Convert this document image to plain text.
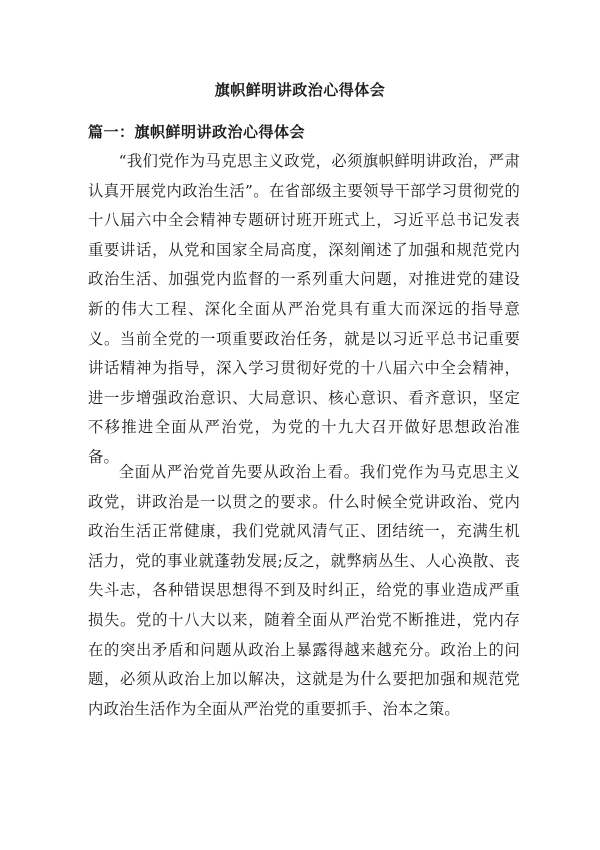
旗帜鲜明讲政治心得体会
篇一：旗帜鲜明讲政治心得体会

“我们党作为马克思主义政党，必须旗帜鲜明讲政治，严肃认真开展党内政治生活”。在省部级主要领导干部学习贯彻党的十八届六中全会精神专题研讨班开班式上，习近平总书记发表重要讲话，从党和国家全局高度，深刻阐述了加强和规范党内政治生活、加强党内监督的一系列重大问题，对推进党的建设新的伟大工程、深化全面从严治党具有重大而深远的指导意义。当前全党的一项重要政治任务，就是以习近平总书记重要讲话精神为指导，深入学习贯彻好党的十八届六中全会精神，进一步增强政治意识、大局意识、核心意识、看齐意识，坚定不移推进全面从严治党，为党的十九大召开做好思想政治准备。

全面从严治党首先要从政治上看。我们党作为马克思主义政党，讲政治是一以贯之的要求。什么时候全党讲政治、党内政治生活正常健康，我们党就风清气正、团结统一，充满生机活力，党的事业就蓬勃发展;反之，就弊病丛生、人心涣散、丧失斗志，各种错误思想得不到及时纠正，给党的事业造成严重损失。党的十八大以来，随着全面从严治党不断推进，党内存在的突出矛盾和问题从政治上暴露得越来越充分。政治上的问题，必须从政治上加以解决，这就是为什么要把加强和规范党内政治生活作为全面从严治党的重要抓手、治本之策。
